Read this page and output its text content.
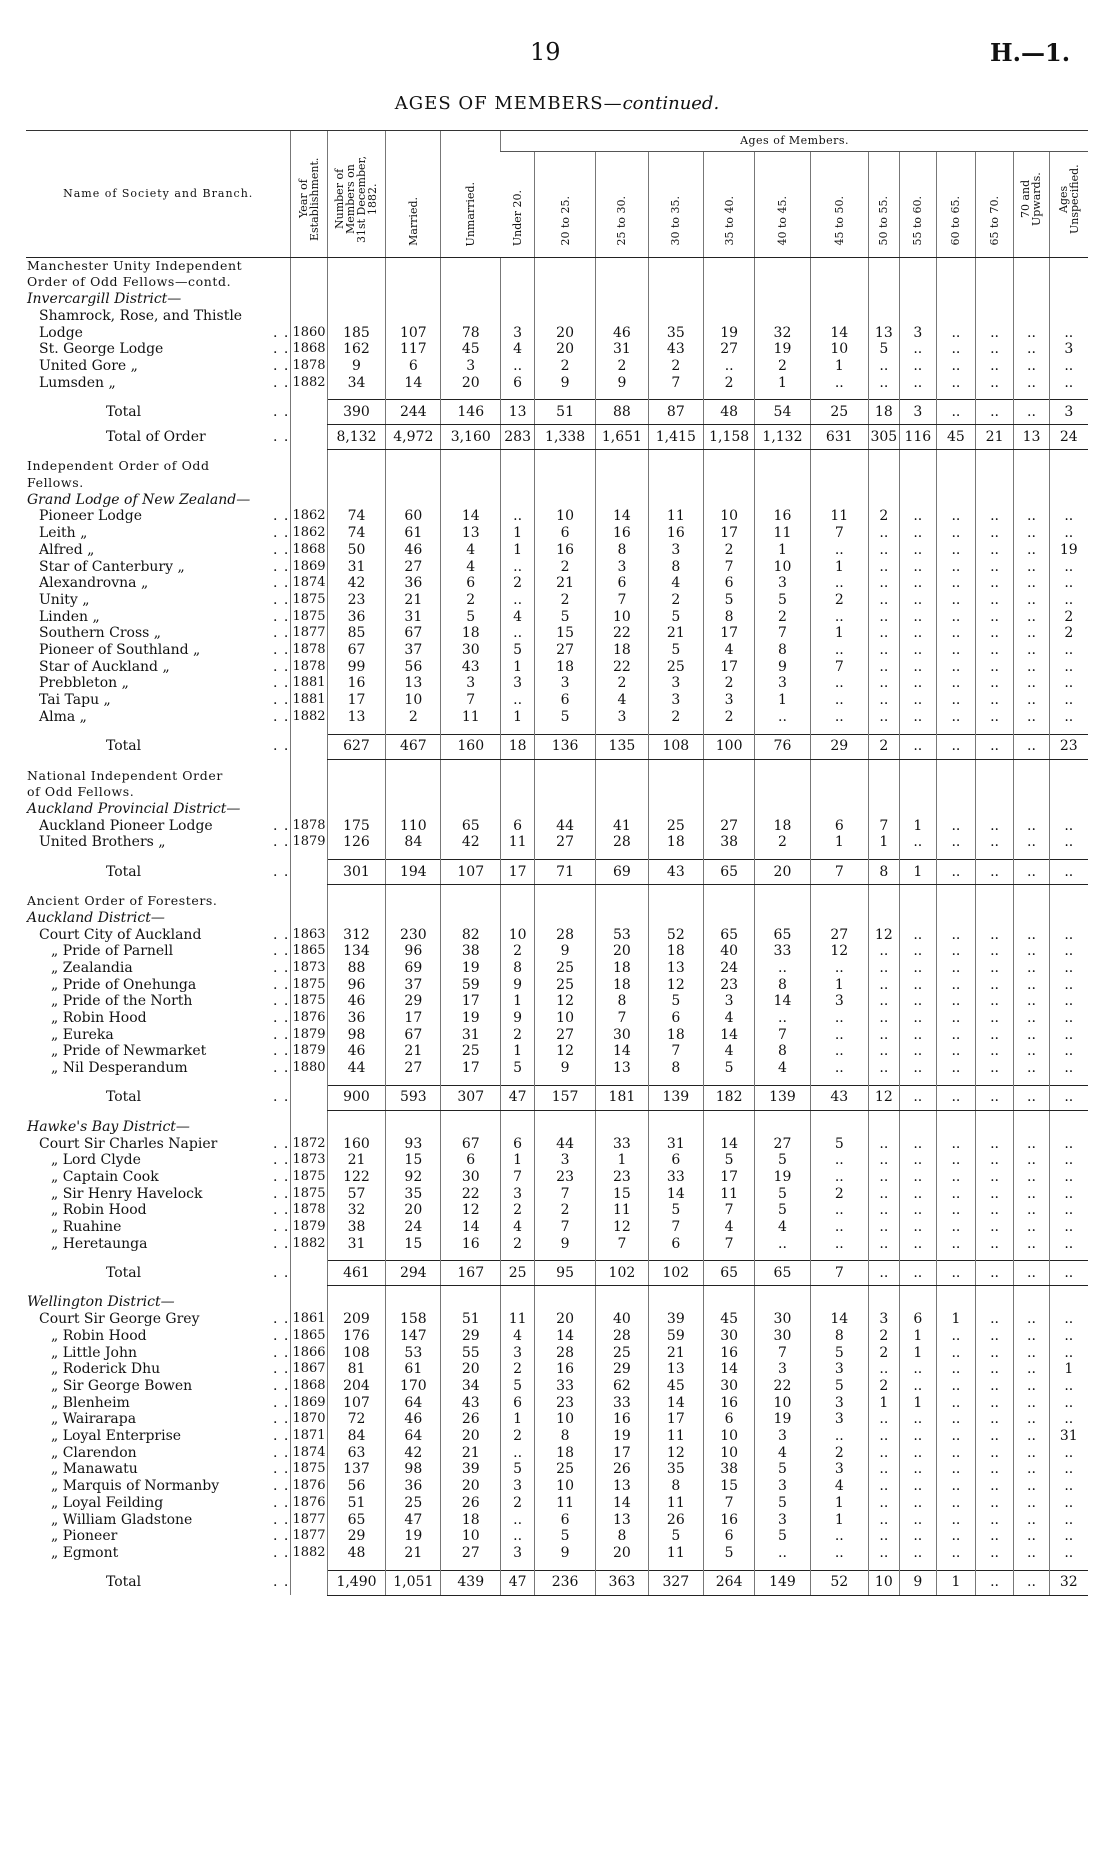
19	H.—1.
AGES OF MEMBERS—continued.
Name of Society and Branch.	Year of Establishment.	Number of Members on 31st December, 1882.	Married.	Unmarried.	Ages of Members.												
					Under 20.	20 to 25.	25 to 30.	30 to 35.	35 to 40.	40 to 45.	45 to 50.	50 to 55.	55 to 60.	60 to 65.	65 to 70.	70 and Upwards.	Ages Unspecified.
Manchester Unity Independent																	
Order of Odd Fellows—contd.																	
Invercargill District—																	
Shamrock, Rose, and Thistle																	
Lodge . .	1860	185	107	78	3	20	46	35	19	32	14	13	3	..	..	..	..
St. George Lodge . .	1868	162	117	45	4	20	31	43	27	19	10	5	..	..	..	..	3
United Gore „ . .	1878	9	6	3	..	2	2	2	..	2	1	..	..	..	..	..	..
Lumsden „ . .	1882	34	14	20	6	9	9	7	2	1	..	..	..	..	..	..	..

Total . .		390	244	146	13	51	88	87	48	54	25	18	3	..	..	..	3
Total of Order . .		8,132	4,972	3,160	283	1,338	1,651	1,415	1,158	1,132	631	305	116	45	21	13	24

Independent Order of Odd																	
Fellows.																	
Grand Lodge of New Zealand—																	
Pioneer Lodge . .	1862	74	60	14	..	10	14	11	10	16	11	2	..	..	..	..	..
Leith „ . .	1862	74	61	13	1	6	16	16	17	11	7	..	..	..	..	..	..
Alfred „ . .	1868	50	46	4	1	16	8	3	2	1	..	..	..	..	..	..	19
Star of Canterbury „ . .	1869	31	27	4	..	2	3	8	7	10	1	..	..	..	..	..	..
Alexandrovna „ . .	1874	42	36	6	2	21	6	4	6	3	..	..	..	..	..	..	..
Unity „ . .	1875	23	21	2	..	2	7	2	5	5	2	..	..	..	..	..	..
Linden „ . .	1875	36	31	5	4	5	10	5	8	2	..	..	..	..	..	..	2
Southern Cross „ . .	1877	85	67	18	..	15	22	21	17	7	1	..	..	..	..	..	2
Pioneer of Southland „ . .	1878	67	37	30	5	27	18	5	4	8	..	..	..	..	..	..	..
Star of Auckland „ . .	1878	99	56	43	1	18	22	25	17	9	7	..	..	..	..	..	..
Prebbleton „ . .	1881	16	13	3	3	3	2	3	2	3	..	..	..	..	..	..	..
Tai Tapu „ . .	1881	17	10	7	..	6	4	3	3	1	..	..	..	..	..	..	..
Alma „ . .	1882	13	2	11	1	5	3	2	2	..	..	..	..	..	..	..	..

Total . .		627	467	160	18	136	135	108	100	76	29	2	..	..	..	..	23

National Independent Order																	
of Odd Fellows.																	
Auckland Provincial District—																	
Auckland Pioneer Lodge . .	1878	175	110	65	6	44	41	25	27	18	6	7	1	..	..	..	..
United Brothers „ . .	1879	126	84	42	11	27	28	18	38	2	1	1	..	..	..	..	..

Total . .		301	194	107	17	71	69	43	65	20	7	8	1	..	..	..	..

Ancient Order of Foresters.																	
Auckland District—																	
Court City of Auckland . .	1863	312	230	82	10	28	53	52	65	65	27	12	..	..	..	..	..
„ Pride of Parnell . .	1865	134	96	38	2	9	20	18	40	33	12	..	..	..	..	..	..
„ Zealandia . .	1873	88	69	19	8	25	18	13	24	..	..	..	..	..	..	..	..
„ Pride of Onehunga . .	1875	96	37	59	9	25	18	12	23	8	1	..	..	..	..	..	..
„ Pride of the North . .	1875	46	29	17	1	12	8	5	3	14	3	..	..	..	..	..	..
„ Robin Hood . .	1876	36	17	19	9	10	7	6	4	..	..	..	..	..	..	..	..
„ Eureka . .	1879	98	67	31	2	27	30	18	14	7	..	..	..	..	..	..	..
„ Pride of Newmarket . .	1879	46	21	25	1	12	14	7	4	8	..	..	..	..	..	..	..
„ Nil Desperandum . .	1880	44	27	17	5	9	13	8	5	4	..	..	..	..	..	..	..

Total . .		900	593	307	47	157	181	139	182	139	43	12	..	..	..	..	..

Hawke's Bay District—																	
Court Sir Charles Napier . .	1872	160	93	67	6	44	33	31	14	27	5	..	..	..	..	..	..
„ Lord Clyde . .	1873	21	15	6	1	3	1	6	5	5	..	..	..	..	..	..	..
„ Captain Cook . .	1875	122	92	30	7	23	23	33	17	19	..	..	..	..	..	..	..
„ Sir Henry Havelock . .	1875	57	35	22	3	7	15	14	11	5	2	..	..	..	..	..	..
„ Robin Hood . .	1878	32	20	12	2	2	11	5	7	5	..	..	..	..	..	..	..
„ Ruahine . .	1879	38	24	14	4	7	12	7	4	4	..	..	..	..	..	..	..
„ Heretaunga . .	1882	31	15	16	2	9	7	6	7	..	..	..	..	..	..	..	..

Total . .		461	294	167	25	95	102	102	65	65	7	..	..	..	..	..	..

Wellington District—																	
Court Sir George Grey . .	1861	209	158	51	11	20	40	39	45	30	14	3	6	1	..	..	..
„ Robin Hood . .	1865	176	147	29	4	14	28	59	30	30	8	2	1	..	..	..	..
„ Little John . .	1866	108	53	55	3	28	25	21	16	7	5	2	1	..	..	..	..
„ Roderick Dhu . .	1867	81	61	20	2	16	29	13	14	3	3	..	..	..	..	..	1
„ Sir George Bowen . .	1868	204	170	34	5	33	62	45	30	22	5	2	..	..	..	..	..
„ Blenheim . .	1869	107	64	43	6	23	33	14	16	10	3	1	1	..	..	..	..
„ Wairarapa . .	1870	72	46	26	1	10	16	17	6	19	3	..	..	..	..	..	..
„ Loyal Enterprise . .	1871	84	64	20	2	8	19	11	10	3	..	..	..	..	..	..	31
„ Clarendon . .	1874	63	42	21	..	18	17	12	10	4	2	..	..	..	..	..	..
„ Manawatu . .	1875	137	98	39	5	25	26	35	38	5	3	..	..	..	..	..	..
„ Marquis of Normanby . .	1876	56	36	20	3	10	13	8	15	3	4	..	..	..	..	..	..
„ Loyal Feilding . .	1876	51	25	26	2	11	14	11	7	5	1	..	..	..	..	..	..
„ William Gladstone . .	1877	65	47	18	..	6	13	26	16	3	1	..	..	..	..	..	..
„ Pioneer . .	1877	29	19	10	..	5	8	5	6	5	..	..	..	..	..	..	..
„ Egmont . .	1882	48	21	27	3	9	20	11	5	..	..	..	..	..	..	..	..

Total . .		1,490	1,051	439	47	236	363	327	264	149	52	10	9	1	..	..	32
